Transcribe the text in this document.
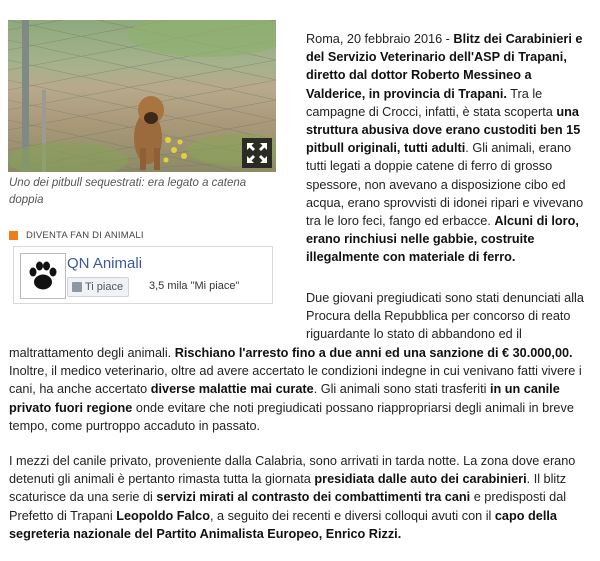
Uno dei pitbull sequestrati: era legato a catena doppia
DIVENTA FAN DI ANIMALI
QN Animali
Ti piace 3,5 mila "Mi piace"
Roma, 20 febbraio 2016 - Blitz dei Carabinieri e del Servizio Veterinario dell'ASP di Trapani, diretto dal dottor Roberto Messineo a Valderice, in provincia di Trapani. Tra le campagne di Crocci, infatti, è stata scoperta una struttura abusiva dove erano custoditi ben 15 pitbull originali, tutti adulti. Gli animali, erano tutti legati a doppie catene di ferro di grosso spessore, non avevano a disposizione cibo ed acqua, erano sprovvisti di idonei ripari e vivevano tra le loro feci, fango ed erbacce. Alcuni di loro, erano rinchiusi nelle gabbie, costruite illegalmente con materiale di ferro.
Due giovani pregiudicati sono stati denunciati alla Procura della Repubblica per concorso di reato riguardante lo stato di abbandono ed il
maltrattamento degli animali. Rischiano l'arresto fino a due anni ed una sanzione di € 30.000,00. Inoltre, il medico veterinario, oltre ad avere accertato le condizioni indegne in cui venivano fatti vivere i cani, ha anche accertato diverse malattie mai curate. Gli animali sono stati trasferiti in un canile privato fuori regione onde evitare che noti pregiudicati possano riappropriarsi degli animali in breve tempo, come purtroppo accaduto in passato.
I mezzi del canile privato, proveniente dalla Calabria, sono arrivati in tarda notte. La zona dove erano detenuti gli animali è pertanto rimasta tutta la giornata presidiata dalle auto dei carabinieri. Il blitz scaturisce da una serie di servizi mirati al contrasto dei combattimenti tra cani e predisposti dal Prefetto di Trapani Leopoldo Falco, a seguito dei recenti e diversi colloqui avuti con il capo della segreteria nazionale del Partito Animalista Europeo, Enrico Rizzi.
